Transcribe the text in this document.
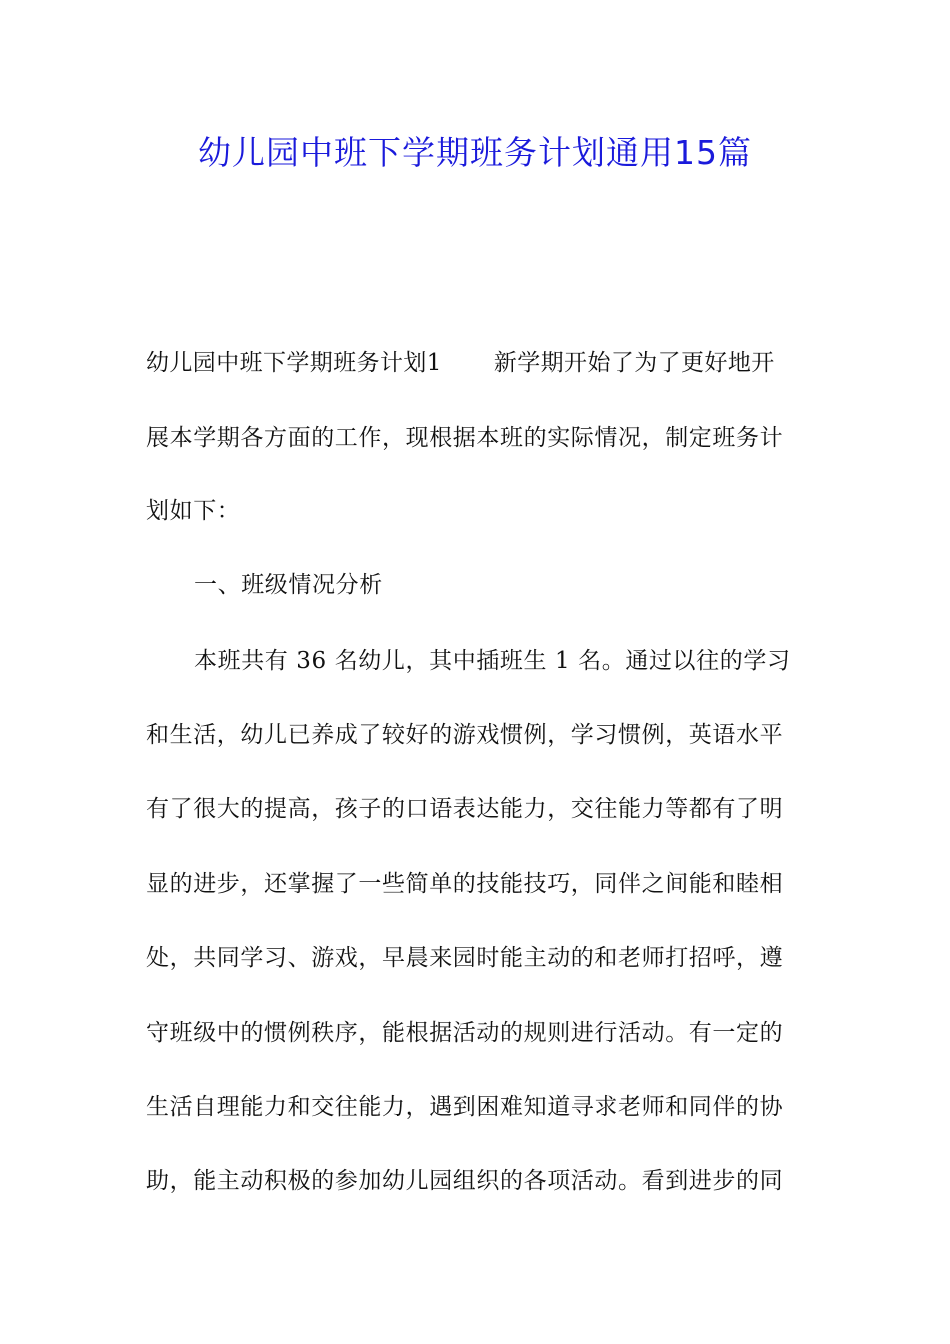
幼儿园中班下学期班务计划通用15篇
幼儿园中班下学期班务计划1 新学期开始了为了更好地开
展本学期各方面的工作，现根据本班的实际情况，制定班务计
划如下：
一、班级情况分析
本班共有 36 名幼儿，其中插班生 1 名。通过以往的学习
和生活，幼儿已养成了较好的游戏惯例，学习惯例，英语水平
有了很大的提高，孩子的口语表达能力，交往能力等都有了明
显的进步，还掌握了一些简单的技能技巧，同伴之间能和睦相
处，共同学习、游戏，早晨来园时能主动的和老师打招呼，遵
守班级中的惯例秩序，能根据活动的规则进行活动。有一定的
生活自理能力和交往能力，遇到困难知道寻求老师和同伴的协
助，能主动积极的参加幼儿园组织的各项活动。看到进步的同
